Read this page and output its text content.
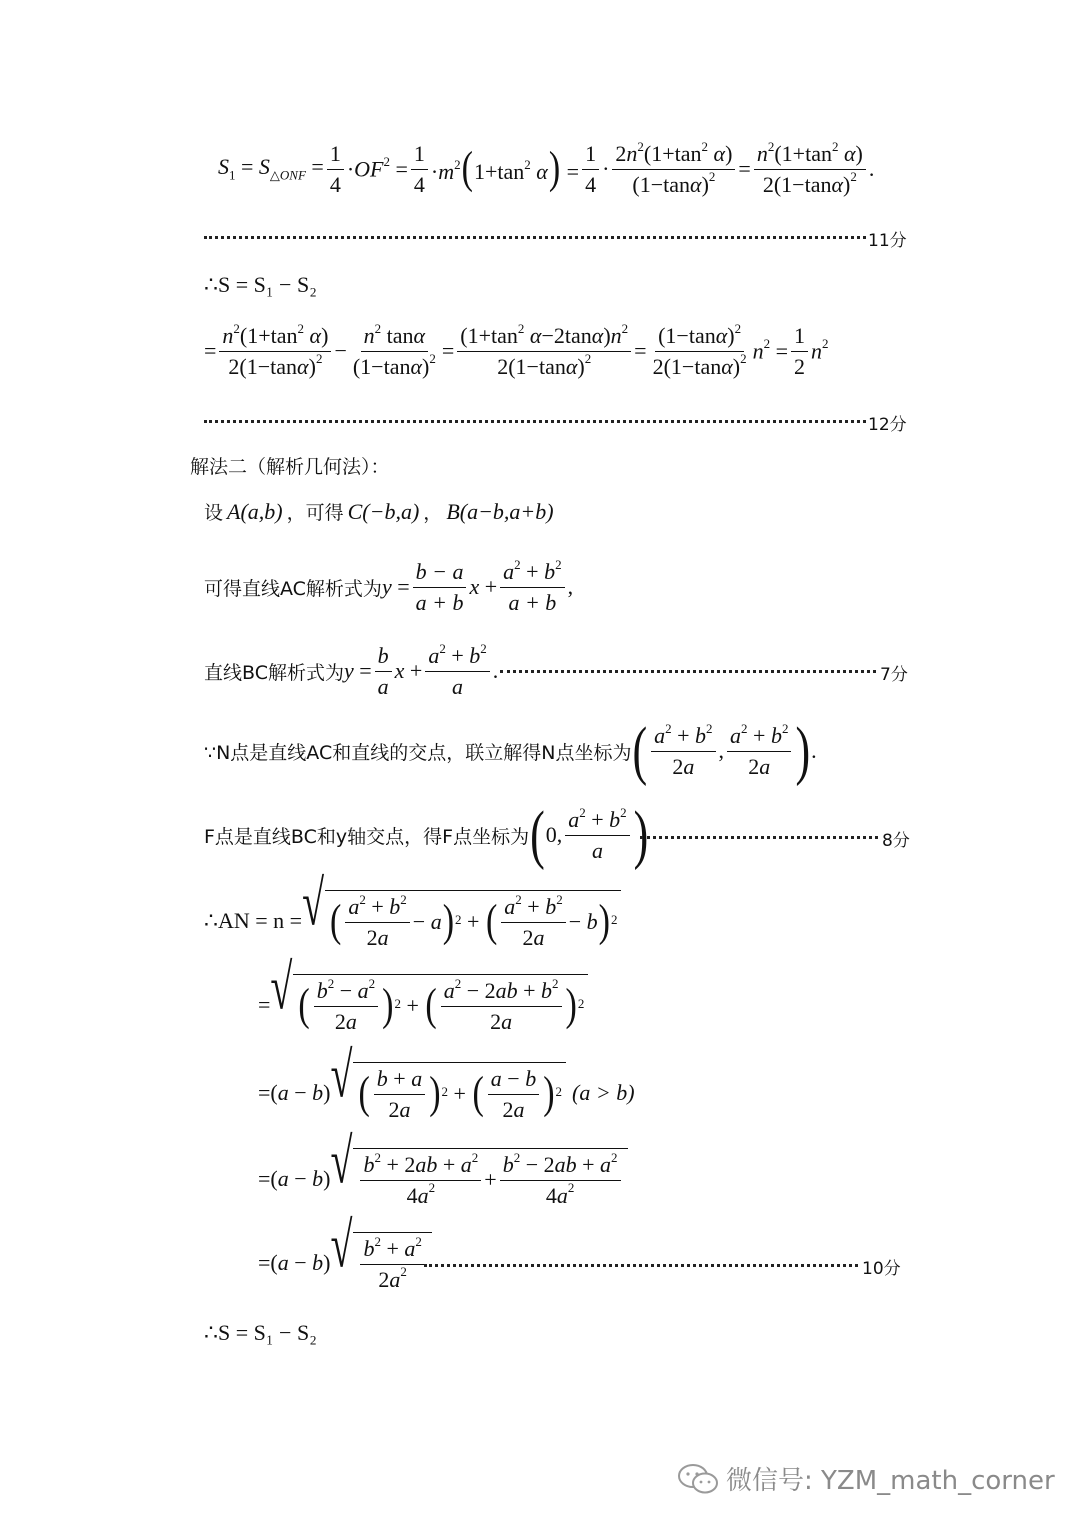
$S_1 = S_{\triangle ONF} = \frac{1}{4} \cdot OF^2 = \frac{1}{4} \cdot m^2(1+\tan^2$ $\alpha) = \frac{1}{4} \cdot \frac{2n^2(1+\tan^2 \alpha)}{(1-\tan\alpha)^2} = \frac{n^2(1+\tan^2 \alpha)}{2(1-\tan\alpha)^2}$ .
11分
∴S = S₁ − S₂
= $\frac{n^2(1+\tan^2 \alpha)}{2(1-\tan\alpha)^2} - \frac{n^2 \tan\alpha}{(1-\tan\alpha)^2} = \frac{(1+\tan^2 \alpha-2\tan\alpha)n^2}{2(1-\tan\alpha)^2} = \frac{(1-\tan\alpha)^2}{2(1-\tan\alpha)^2} n^2 = \frac{1}{2} n^2$
12分
解法二（解析几何法）：
设 A(a,b) ，可得 C(−b,a) ， B(a−b,a+b)
可得直线AC解析式为 $y = \frac{b - a}{a + b}$ $x + \frac{a^2 + b^2}{a + b}$ ,
直线BC解析式为 $y = \frac{b}{a}$ $x + \frac{a^2 + b^2}{a}$ .	7分
∵N点是直线AC和直线的交点，联立解得N点坐标为 ( $\frac{a^2 + b^2}{2a}$ , $\frac{a^2 + b^2}{2a}$ ) .
F点是直线BC和y轴交点，得F点坐标为 ( 0, $\frac{a^2 + b^2}{a}$ )	8分
∴AN = n = √ ( $\frac{a^2 + b^2}{2a} - a$ )$^2$ + ( $\frac{a^2 + b^2}{2a} - b$ )$^2$
= √ ( $\frac{b^2 - a^2}{2a} )^2$ + ( $\frac{a^2 - 2ab + b^2}{2a} )^2$
=(a − b) √ ( $\frac{b + a}{2a} )^2$ + ( $\frac{a - b}{2a} )^2$ (a > b)
=(a − b) √ $\frac{b^2 + 2ab + a^2}{4a^2} + \frac{b^2 - 2ab + a^2}{4a^2}$
=(a − b) √ $\frac{b^2 + a^2}{2a^2}$	10分
∴S = S₁ − S₂
微信号: YZM_math_corner
